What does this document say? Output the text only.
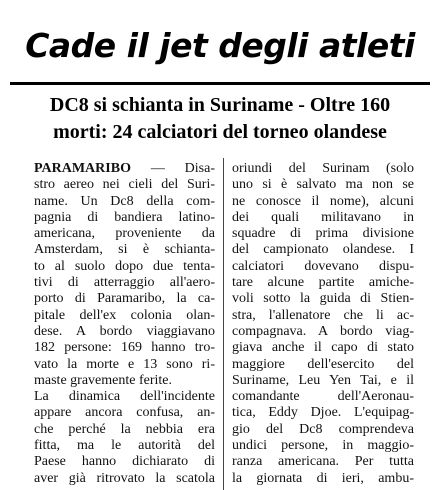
Cade il jet degli atleti
DC8 si schianta in Suriname - Oltre 160
morti: 24 calciatori del torneo olandese
PARAMARIBO — Disa-
stro aereo nei cieli del Suri-
name. Un Dc8 della com-
pagnia di bandiera latino-
americana, proveniente da
Amsterdam, si è schianta-
to al suolo dopo due tenta-
tivi di atterraggio all'aero-
porto di Paramaribo, la ca-
pitale dell'ex colonia olan-
dese. A bordo viaggiavano
182 persone: 169 hanno tro-
vato la morte e 13 sono ri-
maste gravemente ferite.
La dinamica dell'incidente
appare ancora confusa, an-
che perché la nebbia era
fitta, ma le autorità del
Paese hanno dichiarato di
aver già ritrovato la scatola
oriundi del Surinam (solo
uno si è salvato ma non se
ne conosce il nome), alcuni
dei quali militavano in
squadre di prima divisione
del campionato olandese. I
calciatori dovevano dispu-
tare alcune partite amiche-
voli sotto la guida di Stien-
stra, l'allenatore che li ac-
compagnava. A bordo viag-
giava anche il capo di stato
maggiore dell'esercito del
Suriname, Leu Yen Tai, e il
comandante dell'Aeronau-
tica, Eddy Djoe. L'equipag-
gio del Dc8 comprendeva
undici persone, in maggio-
ranza americana. Per tutta
la giornata di ieri, ambu-
